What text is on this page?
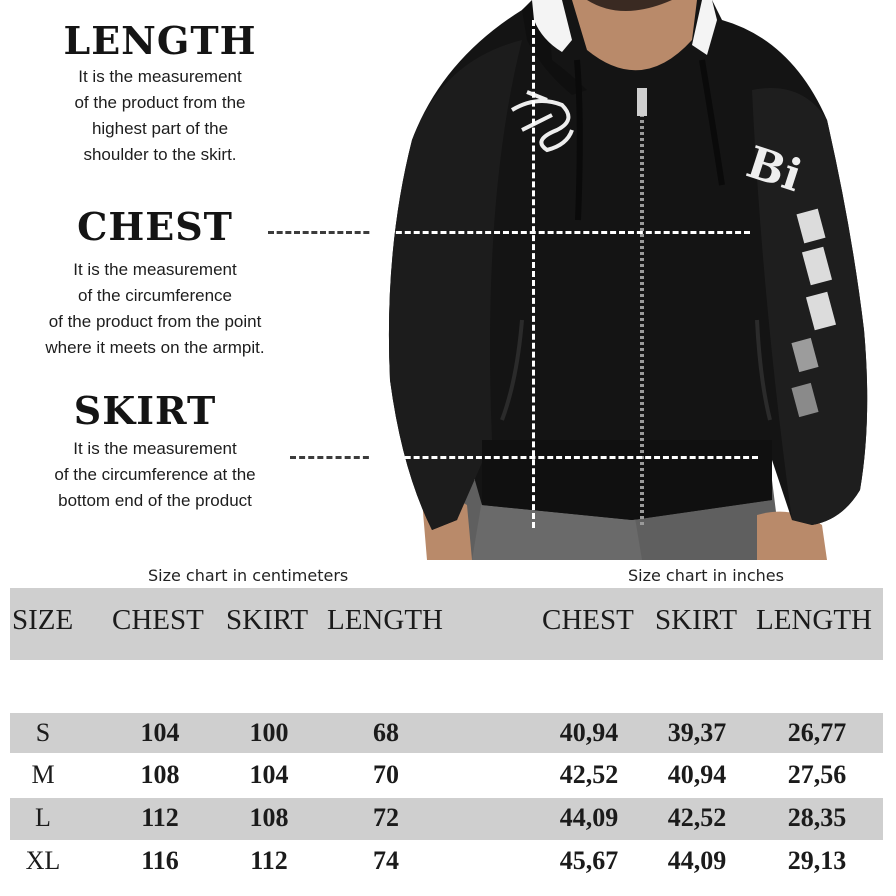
LENGTH
It is the measurement
of the product from the
highest part of the
shoulder to the skirt.
CHEST
It is the measurement
of the circumference
of the product from the point
where it meets on the armpit.
SKIRT
It is the measurement
of the circumference at the
bottom end of the product
Bi
Size chart in centimeters	Size chart in inches
SIZE CHEST SKIRT LENGTH	CHEST SKIRT LENGTH
S	104	100	68	40,94	39,37	26,77
M	108	104	70	42,52	40,94	27,56
L	112	108	72	44,09	42,52	28,35
XL	116	112	74	45,67	44,09	29,13
